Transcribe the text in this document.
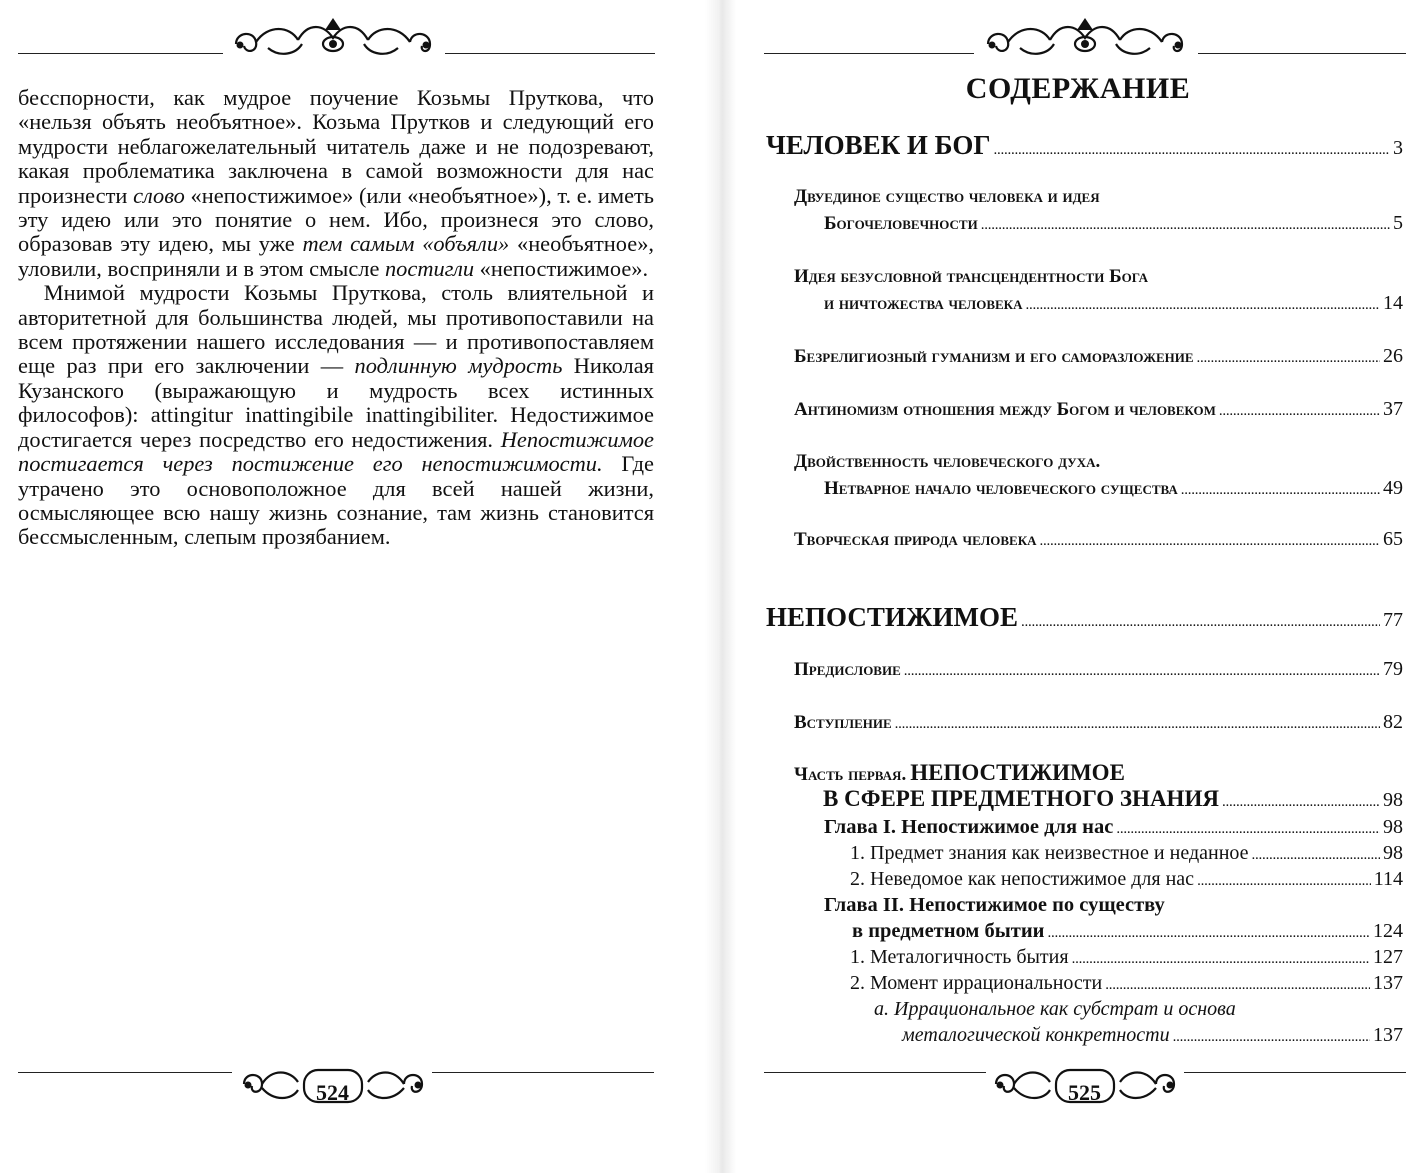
бесспорности, как мудрое поучение Козьмы Пруткова, что «нельзя объять необъятное». Козьма Прутков и следующий его мудрости неблагожелательный читатель даже и не подозревают, какая проблематика заключена в самой возможности для нас произнести слово «непостижимое» (или «необъятное»), т. е. иметь эту идею или это понятие о нем. Ибо, произнеся это слово, образовав эту идею, мы уже тем самым «объяли» «необъятное», уловили, восприняли и в этом смысле постигли «непостижимое».

Мнимой мудрости Козьмы Пруткова, столь влиятельной и авторитетной для большинства людей, мы противопоставили на всем протяжении нашего исследования — и противопоставляем еще раз при его заключении — подлинную мудрость Николая Кузанского (выражающую и мудрость всех истинных философов): attingitur inattingibile inattingibiliter. Недостижимое достигается через посредство его недостижения. Непостижимое постигается через постижение его непостижимости. Где утрачено это основоположное для всей нашей жизни, осмысляющее всю нашу жизнь сознание, там жизнь становится бессмысленным, слепым прозябанием.

524
СОДЕРЖАНИЕ
ЧЕЛОВЕК И БОГ . . .	3
Двуединое существо человека и идея
Богочеловечности . . .	5
Идея безусловной трансцендентности Бога
и ничтожества человека . . .	14
Безрелигиозный гуманизм и его саморазложение . . .	26
Антиномизм отношения между Богом и человеком . . .	37
Двойственность человеческого духа.
Нетварное начало человеческого существа . . .	49
Творческая природа человека . . .	65
НЕПОСТИЖИМОЕ . . .	77
Предисловие . . .	79
Вступление . . .	82
Часть первая. НЕПОСТИЖИМОЕ
В СФЕРЕ ПРЕДМЕТНОГО ЗНАНИЯ . . .	98
Глава I. Непостижимое для нас . . .	98
1. Предмет знания как неизвестное и неданное . . .	98
2. Неведомое как непостижимое для нас . . .	114
Глава II. Непостижимое по существу
в предметном бытии . . .	124
1. Металогичность бытия . . .	127
2. Момент иррациональности . . .	137
а. Иррациональное как субстрат и основа
металогической конкретности . . .	137
525
